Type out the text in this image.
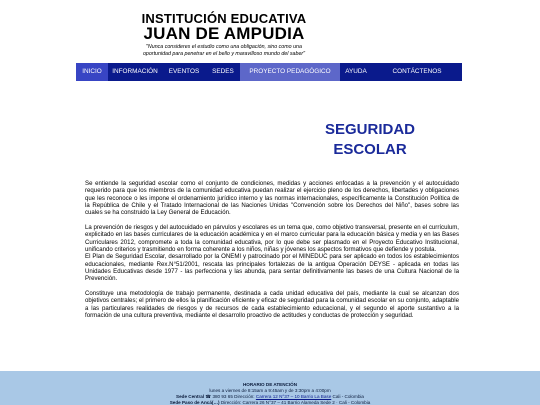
INSTITUCIÓN EDUCATIVA
JUAN DE AMPUDIA
"Nunca consideres el estudio como una obligación, sino como una oportunidad para penetrar en el bello y maravilloso mundo del saber"
INICIO	INFORMACIÓN	EVENTOS	SEDES	PROYECTO PEDAGÓGICO	AYUDA	CONTÁCTENOS
SEGURIDAD
ESCOLAR

Se entiende la seguridad escolar como el conjunto de condiciones, medidas y acciones enfocadas a la prevención y el autocuidado requerido para que los miembros de la comunidad educativa puedan realizar el ejercicio pleno de los derechos, libertades y obligaciones que les reconoce o les impone el ordenamiento jurídico interno y las normas internacionales, específicamente la Constitución Política de la República de Chile y el Tratado Internacional de las Naciones Unidas "Convención sobre los Derechos del Niño", bases sobre las cuales se ha construido la Ley General de Educación.

La prevención de riesgos y del autocuidado en párvulos y escolares es un tema que, como objetivo transversal, presente en el currículum, explicitado en las bases curriculares de la educación académica y en el marco curricular para la educación básica y media y en las Bases Curriculares 2012, compromete a toda la comunidad educativa, por lo que debe ser plasmado en el Proyecto Educativo Institucional, unificando criterios y trasmitiendo en forma coherente a los niños, niñas y jóvenes los aspectos formativos que defiende y postula.

El Plan de Seguridad Escolar, desarrollado por la ONEMI y patrocinado por el MINEDUC para ser aplicado en todos los establecimientos educacionales, mediante Rex.N°51/2001, rescata las principales fortalezas de la antigua Operación DEYSE - aplicada en todas las Unidades Educativas desde 1977 - las perfecciona y las abunda, para sentar definitivamente las bases de una Cultura Nacional de la Prevención.

Constituye una metodología de trabajo permanente, destinada a cada unidad educativa del país, mediante la cual se alcanzan dos objetivos centrales; el primero de ellos la planificación eficiente y eficaz de seguridad para la comunidad escolar en su conjunto, adaptable a las particulares realidades de riesgos y de recursos de cada establecimiento educacional, y el segundo el aporte sustantivo a la formación de una cultura preventiva, mediante el desarrollo proactivo de actitudes y conductas de protección y seguridad.

HORARIO DE ATENCIÓN
lunes a viernes de 8:15am a 9:45am y de 3:30pm a 4:00pm
Sede Central ☎ 380 93 65 Dirección: Carrera 12 N°37 – 10 Barrio La Base Cali - Colombia
Sede Paso de Ancá(…) Dirección: Carrera 26 N°37 – 41 Barrio Alameda Sede 2 · Cali - Colombia
